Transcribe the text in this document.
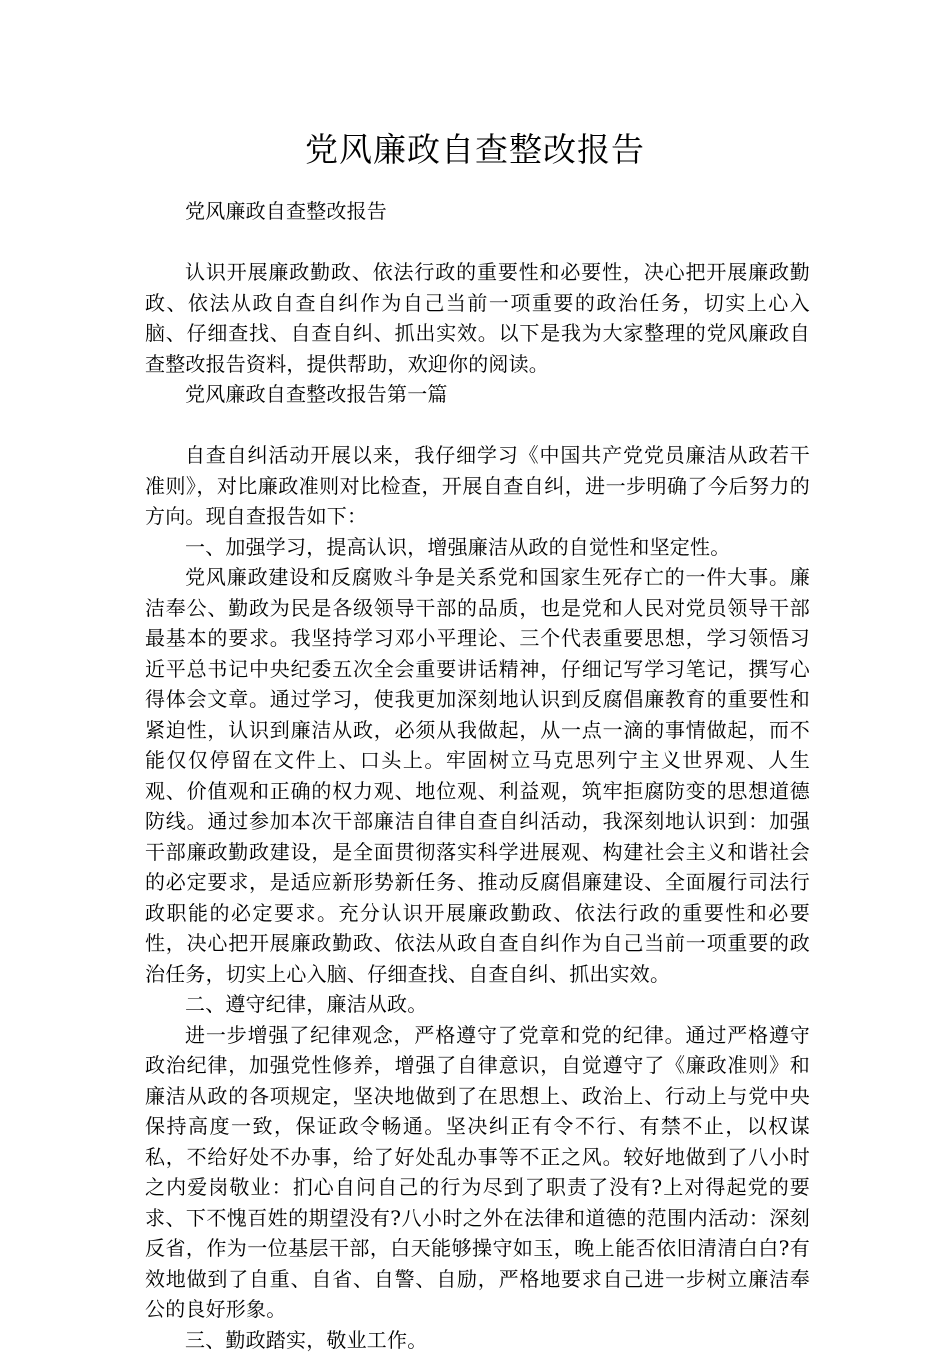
党风廉政自查整改报告

党风廉政自查整改报告

认识开展廉政勤政、依法行政的重要性和必要性，决心把开展廉政勤政、依法从政自查自纠作为自己当前一项重要的政治任务，切实上心入脑、仔细查找、自查自纠、抓出实效。以下是我为大家整理的党风廉政自查整改报告资料，提供帮助，欢迎你的阅读。

党风廉政自查整改报告第一篇

自查自纠活动开展以来，我仔细学习《中国共产党党员廉洁从政若干准则》，对比廉政准则对比检查，开展自查自纠，进一步明确了今后努力的方向。现自查报告如下：

一、加强学习，提高认识，增强廉洁从政的自觉性和坚定性。

党风廉政建设和反腐败斗争是关系党和国家生死存亡的一件大事。廉洁奉公、勤政为民是各级领导干部的品质，也是党和人民对党员领导干部最基本的要求。我坚持学习邓小平理论、三个代表重要思想，学习领悟习近平总书记中央纪委五次全会重要讲话精神，仔细记写学习笔记，撰写心得体会文章。通过学习，使我更加深刻地认识到反腐倡廉教育的重要性和紧迫性，认识到廉洁从政，必须从我做起，从一点一滴的事情做起，而不能仅仅停留在文件上、口头上。牢固树立马克思列宁主义世界观、人生观、价值观和正确的权力观、地位观、利益观，筑牢拒腐防变的思想道德防线。通过参加本次干部廉洁自律自查自纠活动，我深刻地认识到：加强干部廉政勤政建设，是全面贯彻落实科学进展观、构建社会主义和谐社会的必定要求，是适应新形势新任务、推动反腐倡廉建设、全面履行司法行政职能的必定要求。充分认识开展廉政勤政、依法行政的重要性和必要性，决心把开展廉政勤政、依法从政自查自纠作为自己当前一项重要的政治任务，切实上心入脑、仔细查找、自查自纠、抓出实效。

二、遵守纪律，廉洁从政。

进一步增强了纪律观念，严格遵守了党章和党的纪律。通过严格遵守政治纪律，加强党性修养，增强了自律意识，自觉遵守了《廉政准则》和廉洁从政的各项规定，坚决地做到了在思想上、政治上、行动上与党中央保持高度一致，保证政令畅通。坚决纠正有令不行、有禁不止，以权谋私，不给好处不办事，给了好处乱办事等不正之风。较好地做到了八小时之内爱岗敬业：扪心自问自己的行为尽到了职责了没有?上对得起党的要求、下不愧百姓的期望没有?八小时之外在法律和道德的范围内活动：深刻反省，作为一位基层干部，白天能够操守如玉，晚上能否依旧清清白白?有效地做到了自重、自省、自警、自励，严格地要求自己进一步树立廉洁奉公的良好形象。

三、勤政踏实，敬业工作。
